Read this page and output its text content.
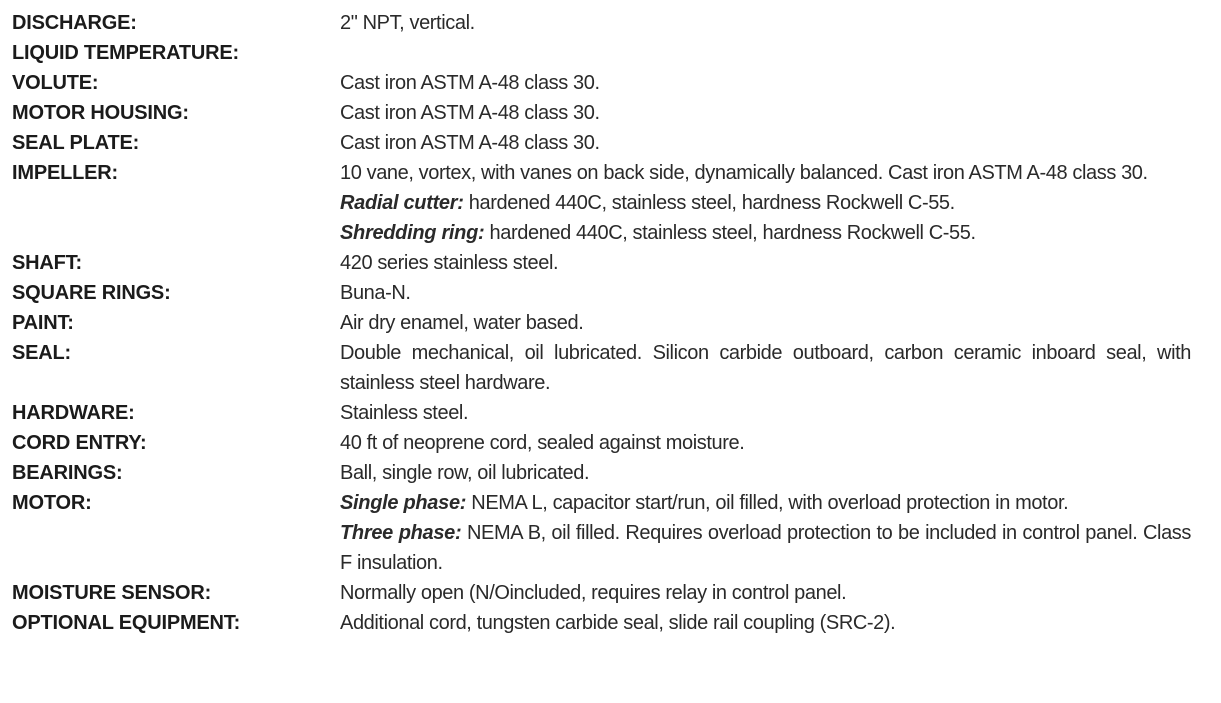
DISCHARGE:	2" NPT, vertical.
LIQUID TEMPERATURE:	
VOLUTE:	Cast iron ASTM A-48 class 30.
MOTOR HOUSING:	Cast iron ASTM A-48 class 30.
SEAL PLATE:	Cast iron ASTM A-48 class 30.
IMPELLER:	10 vane, vortex, with vanes on back side, dynamically balanced. Cast iron ASTM A-48 class 30.
Radial cutter: hardened 440C, stainless steel, hardness Rockwell C-55.
Shredding ring: hardened 440C, stainless steel, hardness Rockwell C-55.

SHAFT:	420 series stainless steel.
SQUARE RINGS:	Buna-N.
PAINT:	Air dry enamel, water based.
SEAL:	Double mechanical, oil lubricated. Silicon carbide outboard, carbon ceramic inboard seal, with stainless steel hardware.

HARDWARE:	Stainless steel.
CORD ENTRY:	40 ft of neoprene cord, sealed against moisture.
BEARINGS:	Ball, single row, oil lubricated.
MOTOR:	Single phase: NEMA L, capacitor start/run, oil filled, with overload protection in motor.
Three phase: NEMA B, oil filled. Requires overload protection to be included in control panel. Class F insulation.

MOISTURE SENSOR:	Normally open (N/Oincluded, requires relay in control panel.
OPTIONAL EQUIPMENT:	Additional cord, tungsten carbide seal, slide rail coupling (SRC-2).
